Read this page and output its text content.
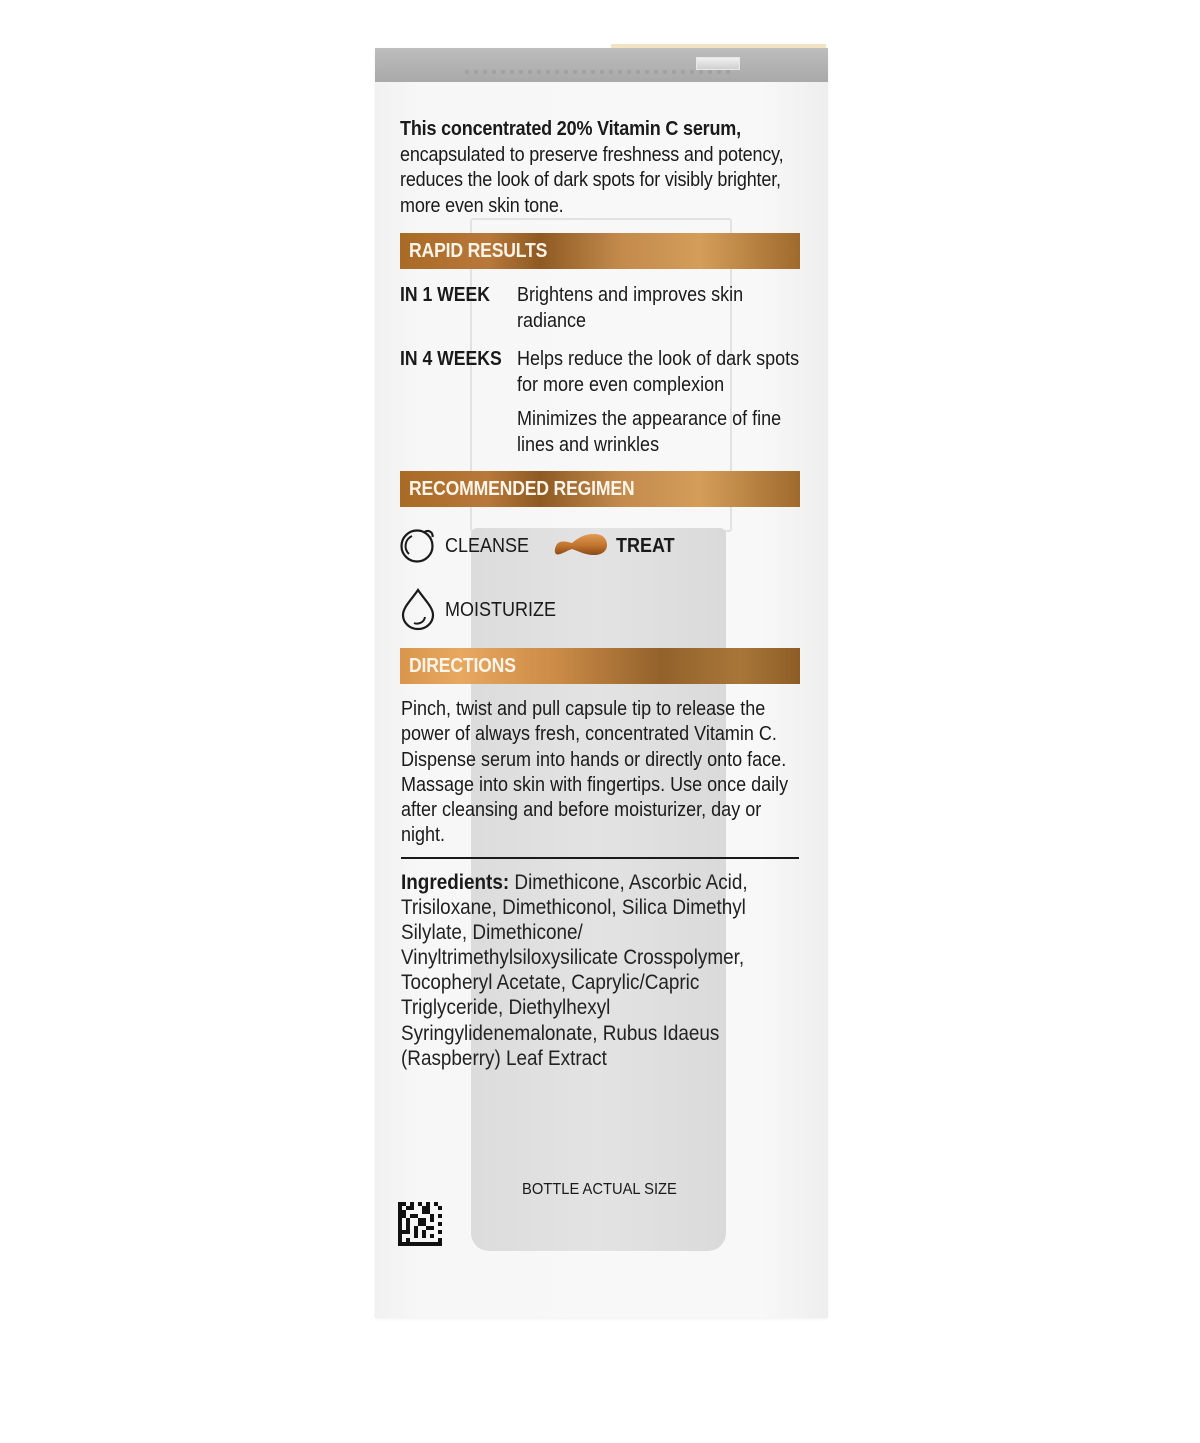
This concentrated 20% Vitamin C serum,
encapsulated to preserve freshness and potency, reduces the look of dark spots for visibly brighter, more even skin tone.
RAPID RESULTS
IN 1 WEEK Brightens and improves skin radiance
IN 4 WEEKS Helps reduce the look of dark spots for more even complexion
Minimizes the appearance of fine lines and wrinkles
RECOMMENDED REGIMEN
CLEANSE	TREAT
MOISTURIZE
DIRECTIONS
Pinch, twist and pull capsule tip to release the power of always fresh, concentrated Vitamin C. Dispense serum into hands or directly onto face. Massage into skin with fingertips. Use once daily after cleansing and before moisturizer, day or night.
Ingredients: Dimethicone, Ascorbic Acid, Trisiloxane, Dimethiconol, Silica Dimethyl Silylate, Dimethicone/ Vinyltrimethylsiloxysilicate Crosspolymer, Tocopheryl Acetate, Caprylic/Capric Triglyceride, Diethylhexyl Syringylidenemalonate, Rubus Idaeus (Raspberry) Leaf Extract
BOTTLE ACTUAL SIZE
